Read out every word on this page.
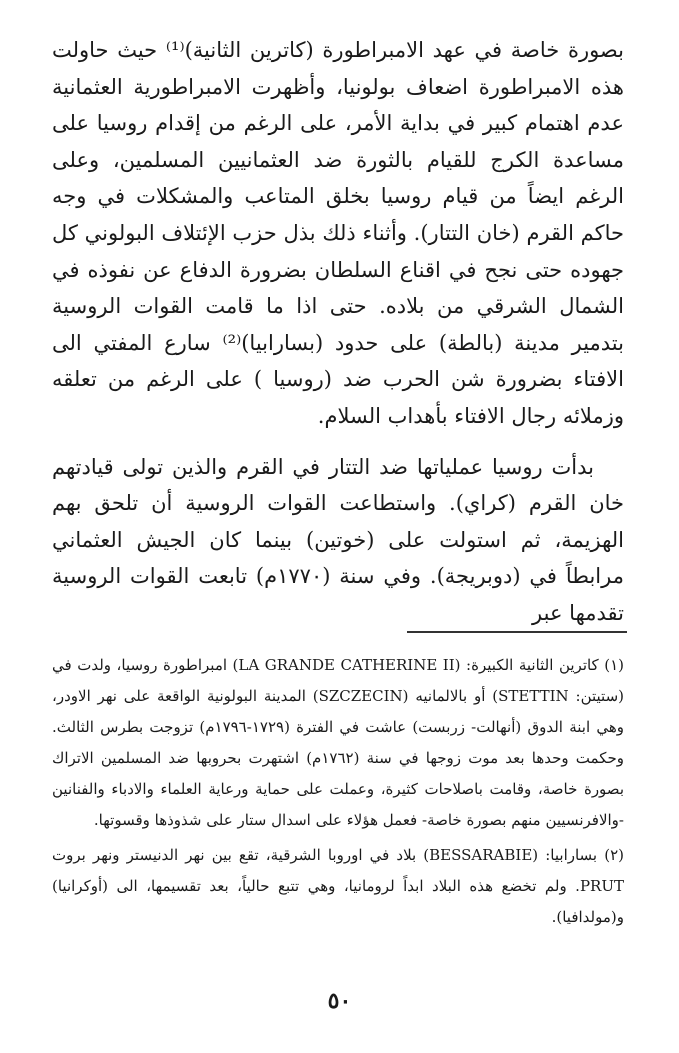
بصورة خاصة في عهد الامبراطورة (كاترين الثانية)⁽¹⁾ حيث حاولت هذه الامبراطورة اضعاف بولونيا، وأظهرت الامبراطورية العثمانية عدم اهتمام كبير في بداية الأمر، على الرغم من إقدام روسيا على مساعدة الكرج للقيام بالثورة ضد العثمانيين المسلمين، وعلى الرغم ايضاً من قيام روسيا بخلق المتاعب والمشكلات في وجه حاكم القرم (خان التتار). وأثناء ذلك بذل حزب الإئتلاف البولوني كل جهوده حتى نجح في اقناع السلطان بضرورة الدفاع عن نفوذه في الشمال الشرقي من بلاده. حتى اذا ما قامت القوات الروسية بتدمير مدينة (بالطة) على حدود (بسارابيا)⁽²⁾ سارع المفتي الى الافتاء بضرورة شن الحرب ضد (روسيا ) على الرغم من تعلقه وزملائه رجال الافتاء بأهداب السلام.

بدأت روسيا عملياتها ضد التتار في القرم والذين تولى قيادتهم خان القرم (كراي). واستطاعت القوات الروسية أن تلحق بهم الهزيمة، ثم استولت على (خوتين) بينما كان الجيش العثماني مرابطاً في (دوبريجة). وفي سنة (١٧٧٠م) تابعت القوات الروسية تقدمها عبر

(١) كاترين الثانية الكبيرة: (LA GRANDE CATHERINE II) امبراطورة روسيا، ولدت في (ستيتن: STETTIN) أو بالالمانيه (SZCZECIN) المدينة البولونية الواقعة على نهر الاودر، وهي ابنة الدوق (أنهالت- زربست) عاشت في الفترة (١٧٢٩-١٧٩٦م) تزوجت بطرس الثالث. وحكمت وحدها بعد موت زوجها في سنة (١٧٦٢م) اشتهرت بحروبها ضد المسلمين الاتراك بصورة خاصة، وقامت باصلاحات كثيرة، وعملت على حماية ورعاية العلماء والادباء والفنانين -والافرنسيين منهم بصورة خاصة- فعمل هؤلاء على اسدال ستار على شذوذها وقسوتها.

(٢) بسارابيا: (BESSARABIE) بلاد في اوروبا الشرقية، تقع بين نهر الدنيستر ونهر بروت PRUT. ولم تخضع هذه البلاد ابداً لرومانيا، وهي تتبع حالياً، بعد تقسيمها، الى (أوكرانيا) و(مولدافيا).

٥٠
